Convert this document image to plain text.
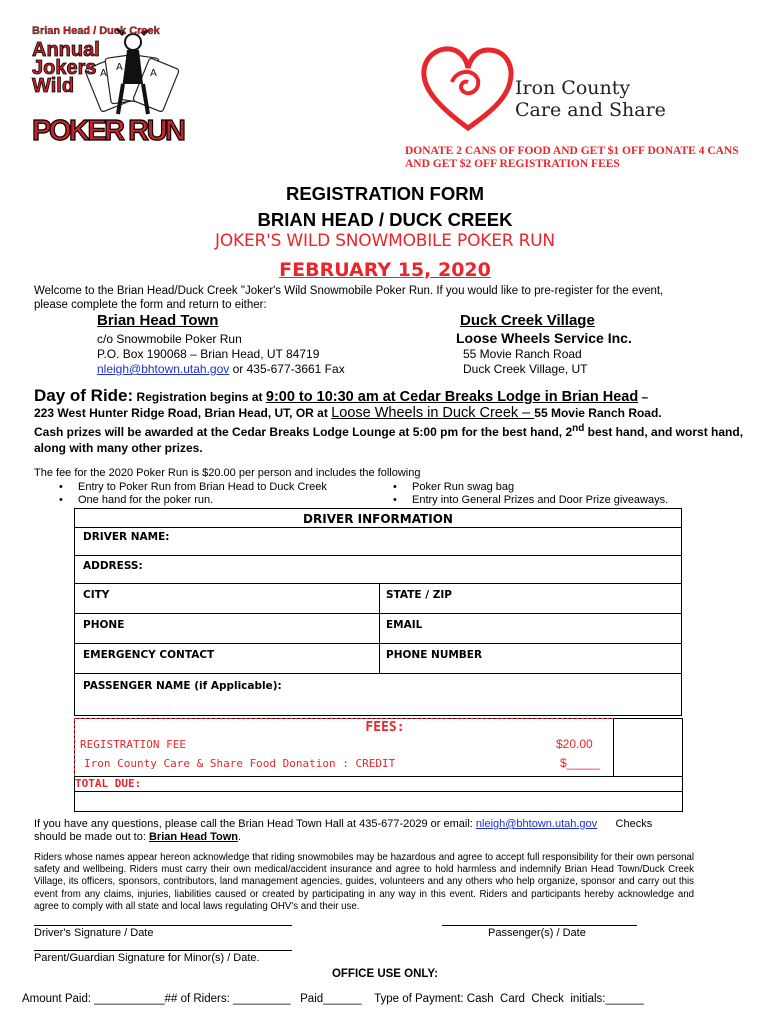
A
A
A
Brian Head / Duck Creek
Annual
Jokers
Wild
POKER RUN
Iron County
Care and Share
DONATE 2 CANS OF FOOD AND GET $1 OFF DONATE 4 CANS AND GET $2 OFF REGISTRATION FEES
REGISTRATION FORM
BRIAN HEAD / DUCK CREEK
JOKER'S WILD SNOWMOBILE POKER RUN
FEBRUARY 15, 2020
Welcome to the Brian Head/Duck Creek "Joker's Wild Snowmobile Poker Run. If you would like to pre-register for the event, please complete the form and return to either:
Brian Head Town
c/o Snowmobile Poker Run
P.O. Box 190068 – Brian Head, UT 84719
nleigh@bhtown.utah.gov or 435-677-3661 Fax
Duck Creek Village
Loose Wheels Service Inc.
55 Movie Ranch Road
Duck Creek Village, UT
Day of Ride: Registration begins at 9:00 to 10:30 am at Cedar Breaks Lodge in Brian Head –
223 West Hunter Ridge Road, Brian Head, UT, OR at Loose Wheels in Duck Creek – 55 Movie Ranch Road.
Cash prizes will be awarded at the Cedar Breaks Lodge Lounge at 5:00 pm for the best hand, 2nd best hand, and worst hand, along with many other prizes.
The fee for the 2020 Poker Run is $20.00 per person and includes the following
• Entry to Poker Run from Brian Head to Duck Creek
• One hand for the poker run.
• Poker Run swag bag
• Entry into General Prizes and Door Prize giveaways.
DRIVER INFORMATION
DRIVER NAME:
ADDRESS:
CITY	STATE / ZIP
PHONE	EMAIL
EMERGENCY CONTACT	PHONE NUMBER
PASSENGER NAME (if Applicable):
FEES:
REGISTRATION FEE	$20.00
Iron County Care & Share Food Donation : CREDIT	$_____
TOTAL DUE:
If you have any questions, please call the Brian Head Town Hall at 435-677-2029 or email: nleigh@bhtown.utah.gov Checks
should be made out to: Brian Head Town.
Riders whose names appear hereon acknowledge that riding snowmobiles may be hazardous and agree to accept full responsibility for their own personal safety and wellbeing. Riders must carry their own medical/accident insurance and agree to hold harmless and indemnify Brian Head Town/Duck Creek Village, its officers, sponsors, contributors, land management agencies, guides, volunteers and any others who help organize, sponsor and carry out this event from any claims, injuries, liabilities caused or created by participating in any way in this event. Riders and participants hereby acknowledge and agree to comply with all state and local laws regulating OHV's and their use.
Driver's Signature / Date	Passenger(s) / Date
Parent/Guardian Signature for Minor(s) / Date.
OFFICE USE ONLY:
Amount Paid: ___________## of Riders: _________   Paid______    Type of Payment: Cash  Card  Check  initials:______
